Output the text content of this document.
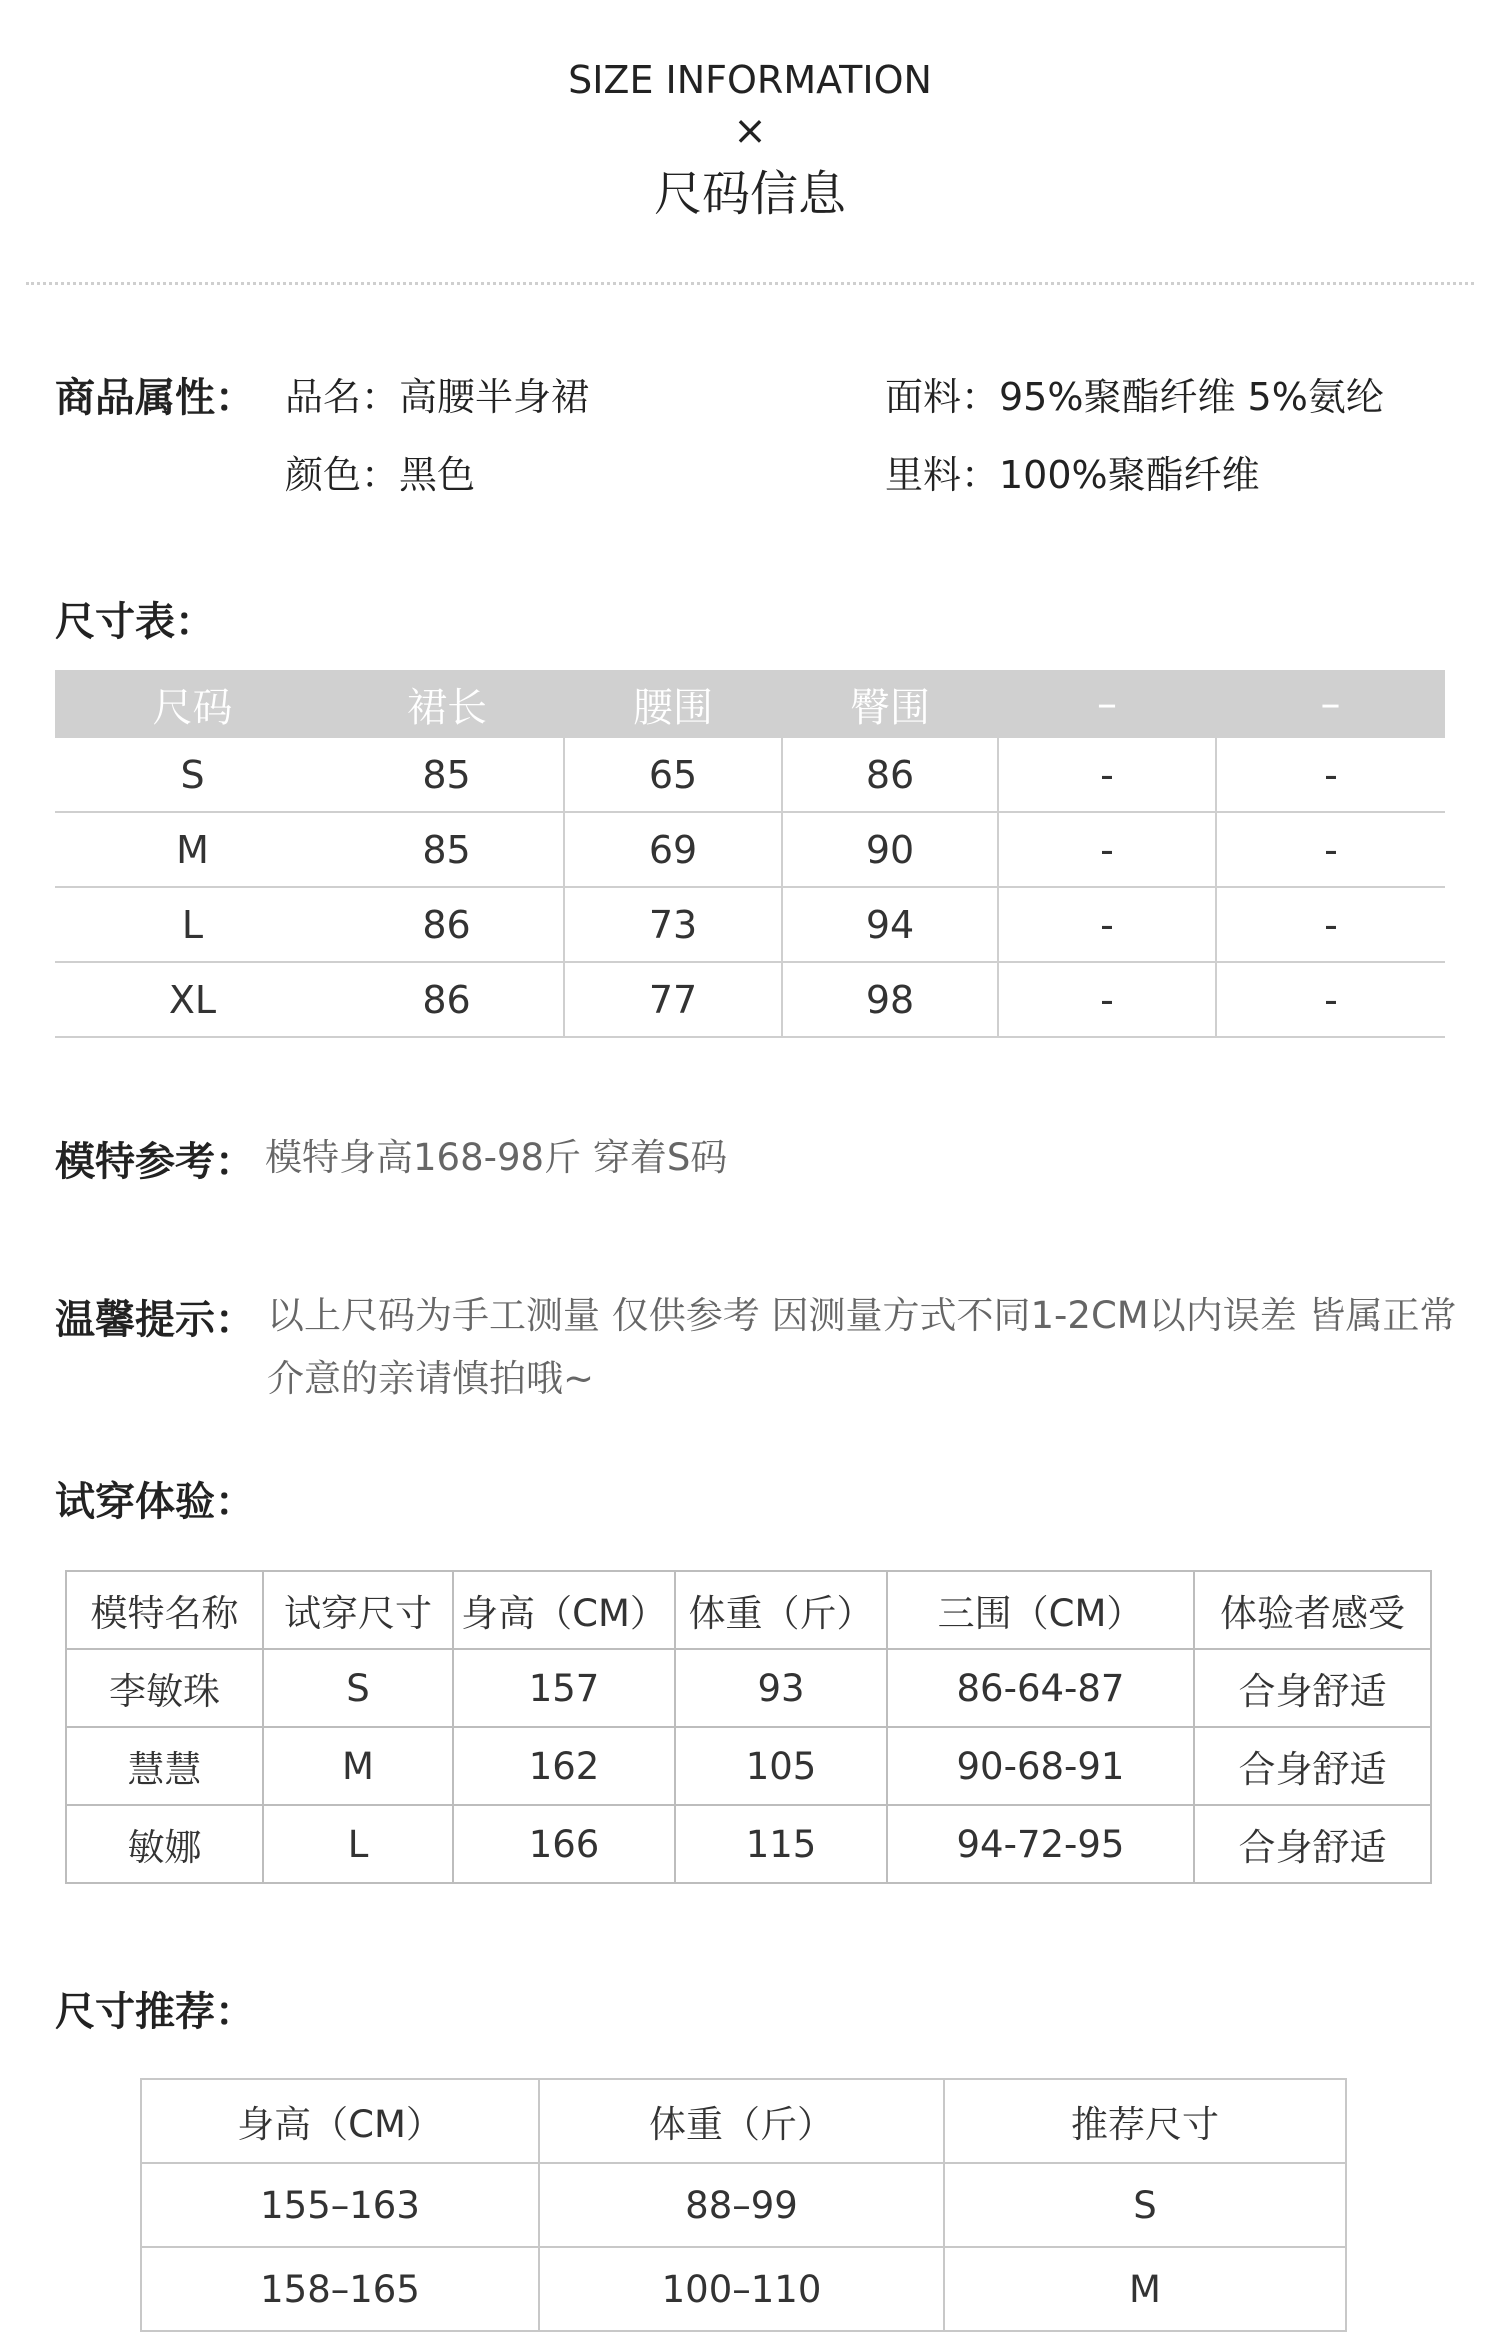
SIZE INFORMATION
×
尺码信息
商品属性： 品名：高腰半身裙	面料：95%聚酯纤维 5%氨纶
颜色：黑色	里料：100%聚酯纤维
尺寸表：
尺码	裙长	腰围	臀围	–	–
S	85	65	86	-	-
M	85	69	90	-	-
L	86	73	94	-	-
XL	86	77	98	-	-
模特参考： 模特身高168-98斤 穿着S码
温馨提示： 以上尺码为手工测量 仅供参考 因测量方式不同1-2CM以内误差 皆属正常
介意的亲请慎拍哦~
试穿体验：
模特名称	试穿尺寸	身高（CM）	体重（斤）	三围（CM）	体验者感受
李敏珠	S	157	93	86-64-87	合身舒适
慧慧	M	162	105	90-68-91	合身舒适
敏娜	L	166	115	94-72-95	合身舒适
尺寸推荐：
身高（CM）	体重（斤）	推荐尺寸
155–163	88–99	S
158–165	100–110	M
